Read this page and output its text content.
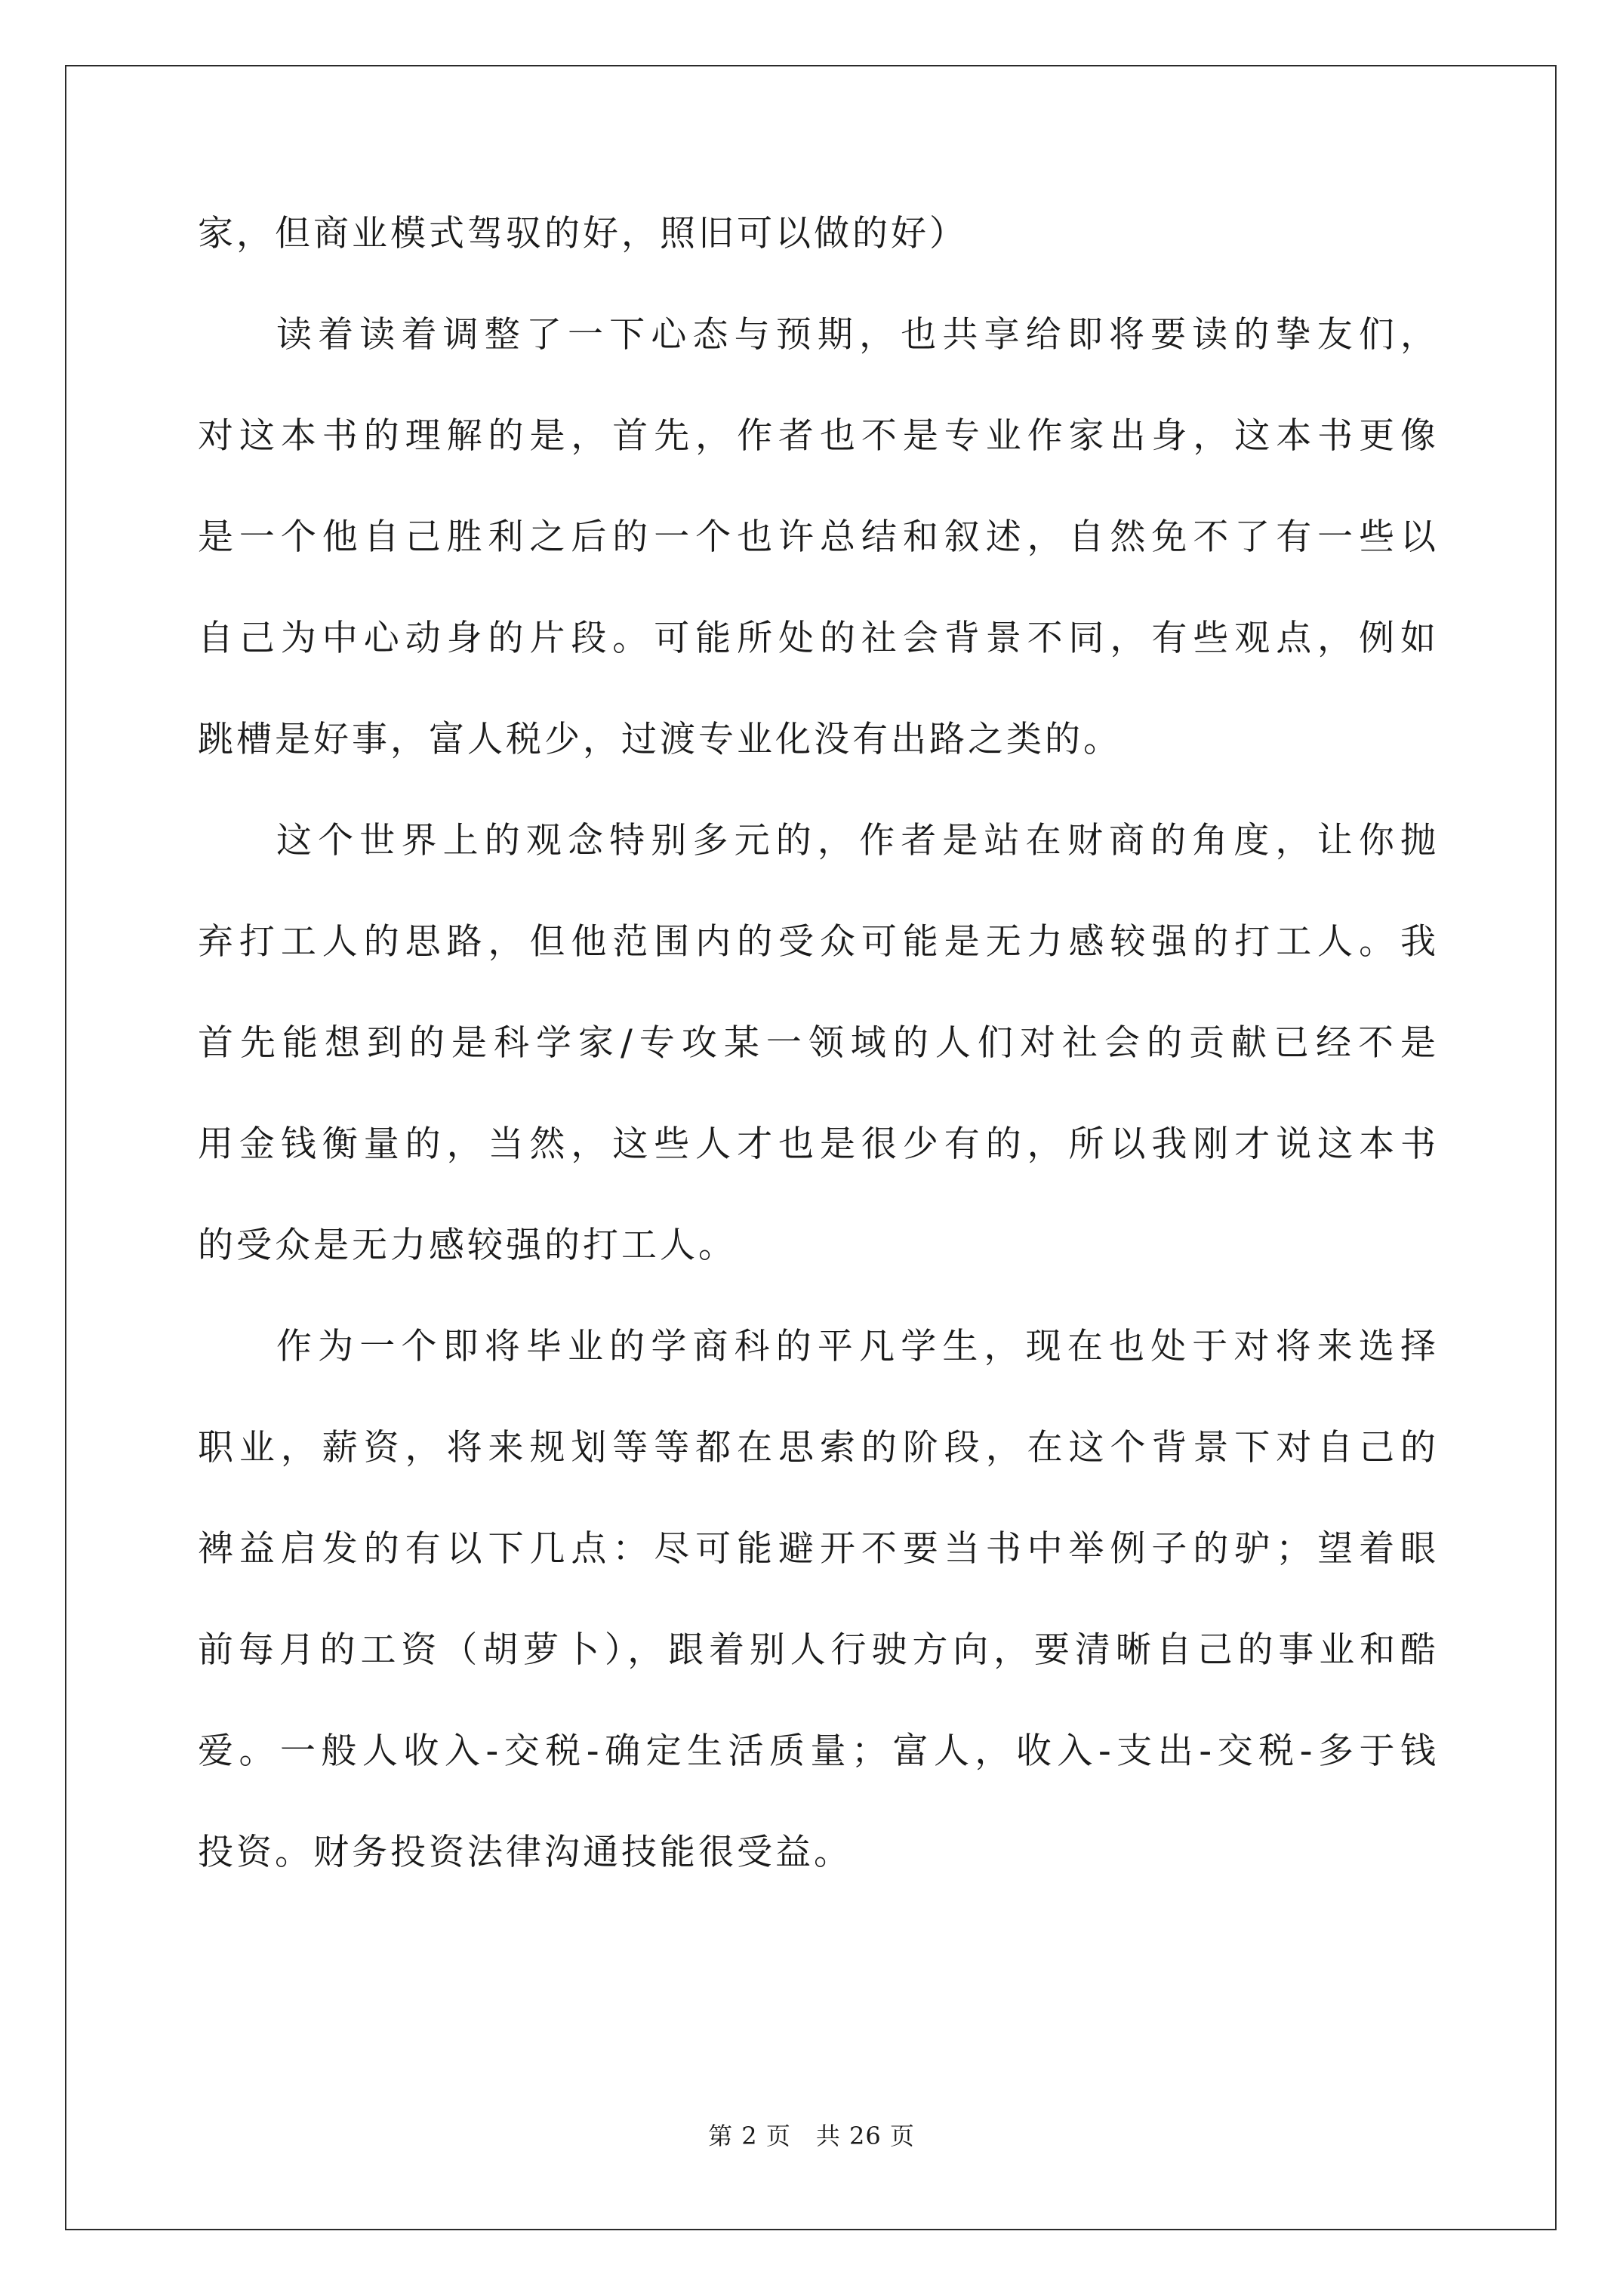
家，但商业模式驾驭的好，照旧可以做的好）
读着读着调整了一下心态与预期，也共享给即将要读的挚友们，
对这本书的理解的是，首先，作者也不是专业作家出身，这本书更像
是一个他自己胜利之后的一个也许总结和叙述，自然免不了有一些以
自己为中心动身的片段。可能所处的社会背景不同，有些观点，例如
跳槽是好事，富人税少，过渡专业化没有出路之类的。
这个世界上的观念特别多元的，作者是站在财商的角度，让你抛
弃打工人的思路，但他范围内的受众可能是无力感较强的打工人。我
首先能想到的是科学家/专攻某一领域的人们对社会的贡献已经不是
用金钱衡量的，当然，这些人才也是很少有的，所以我刚才说这本书
的受众是无力感较强的打工人。
作为一个即将毕业的学商科的平凡学生，现在也处于对将来选择
职业，薪资，将来规划等等都在思索的阶段，在这个背景下对自己的
裨益启发的有以下几点：尽可能避开不要当书中举例子的驴；望着眼
前每月的工资（胡萝卜），跟着别人行驶方向，要清晰自己的事业和酷
爱。一般人收入-交税-确定生活质量；富人，收入-支出-交税-多于钱
投资。财务投资法律沟通技能很受益。
第 2 页　共 26 页
